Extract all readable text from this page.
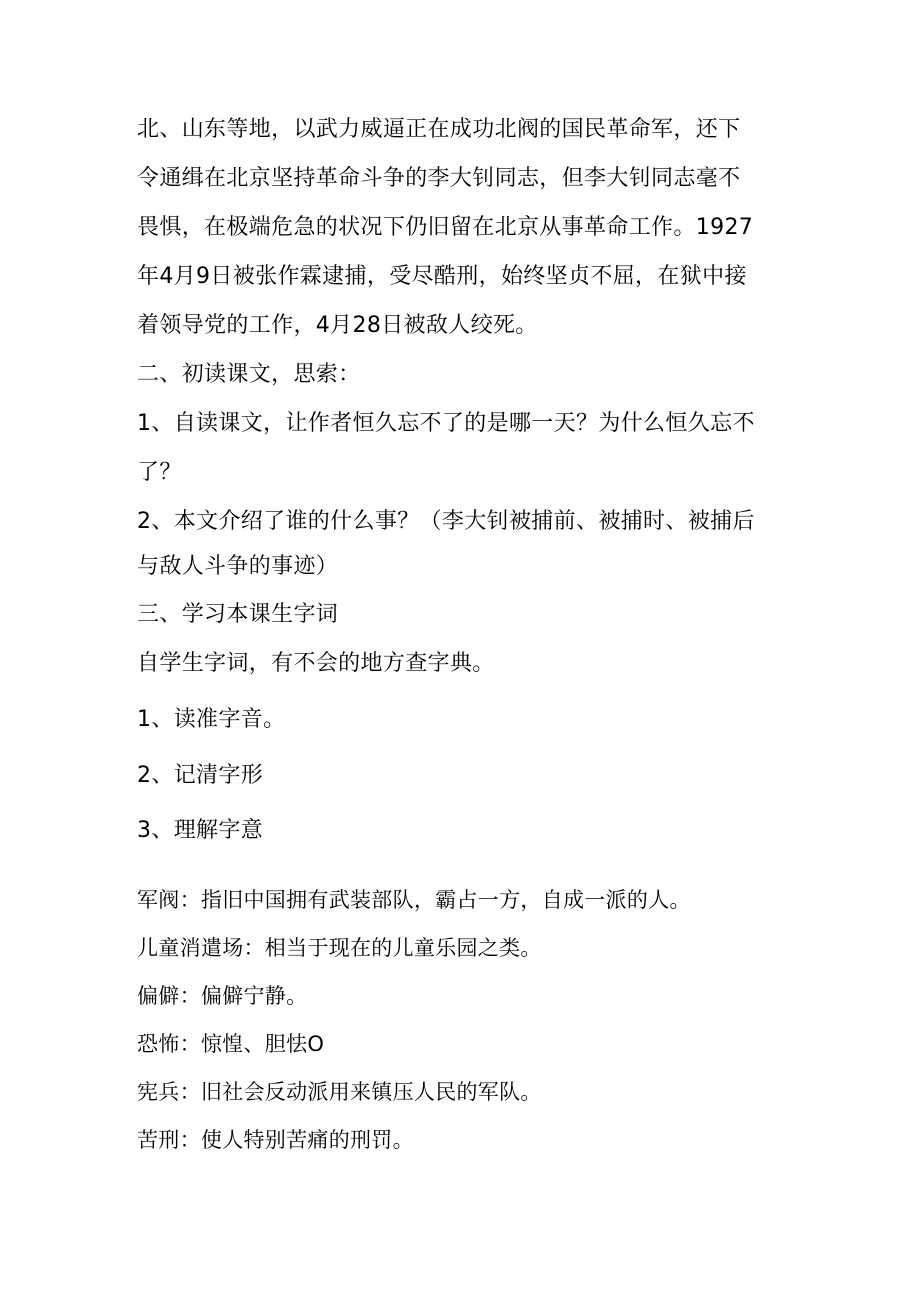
北、山东等地，以武力威逼正在成功北阀的国民革命军，还下
令通缉在北京坚持革命斗争的李大钊同志，但李大钊同志毫不
畏惧，在极端危急的状况下仍旧留在北京从事革命工作。1927
年4月9日被张作霖逮捕，受尽酷刑，始终坚贞不屈，在狱中接
着领导党的工作，4月28日被敌人绞死。
二、初读课文，思索：
1、自读课文，让作者恒久忘不了的是哪一天？为什么恒久忘不
了？
2、本文介绍了谁的什么事？（李大钊被捕前、被捕时、被捕后
与敌人斗争的事迹）
三、学习本课生字词
自学生字词，有不会的地方查字典。
1、读准字音。
2、记清字形
3、理解字意
军阀：指旧中国拥有武装部队，霸占一方，自成一派的人。
儿童消遣场：相当于现在的儿童乐园之类。
偏僻：偏僻宁静。
恐怖：惊惶、胆怯O
宪兵：旧社会反动派用来镇压人民的军队。
苦刑：使人特别苦痛的刑罚。
